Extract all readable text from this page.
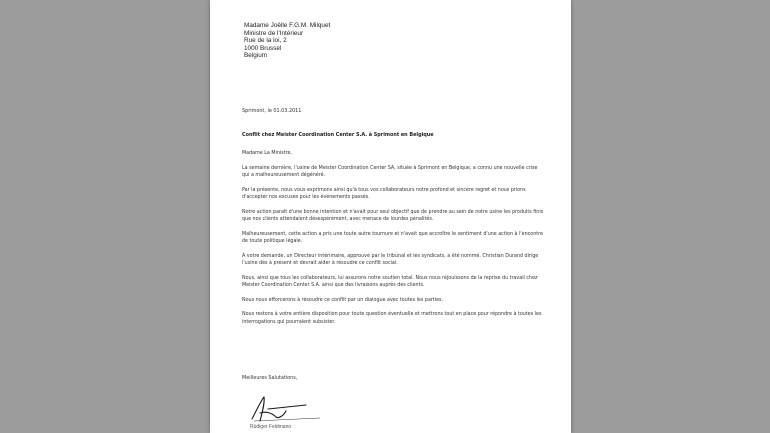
Madame Joëlle F.G.M. Milquet
Ministre de l'Intérieur
Rue de la loi, 2
1000 Brussel
Belgium
Sprimont, le 01.03.2011
Conflit chez Meister Coordination Center S.A. à Sprimont en Belgique

Madame La Ministre,

La semaine dernière, l'usine de Meister Coordination Center SA, située à Sprimont en Belgique, a connu une nouvelle crise qui a malheureusement dégénéré.

Par la présente, nous vous exprimons ainsi qu'à tous vos collaborateurs notre profond et sincère regret et nous prions d'accepter nos excuses pour les événements passés.

Notre action paraît d'une bonne intention et n'avait pour seul objectif que de prendre au sein de notre usine les produits finis que nos clients attendaient désespérément, avec menace de lourdes pénalités.

Malheureusement, cette action a pris une toute autre tournure et n'avait que accroître le sentiment d'une action à l'encontre de toute politique légale.

À votre demande, un Directeur intérimaire, approuvé par le tribunal et les syndicats, a été nommé. Christian Durand dirige l'usine dès à présent et devrait aider à résoudre ce conflit social.

Nous, ainsi que tous les collaborateurs, lui assurons notre soutien total. Nous nous réjouissons de la reprise du travail chez Meister Coordination Center S.A. ainsi que des livraisons auprès des clients.

Nous nous efforcerons à résoudre ce conflit par un dialogue avec toutes les parties.

Nous restons à votre entière disposition pour toute question éventuelle et mettrons tout en place pour répondre à toutes les interrogations qui pourraient subsister.

Meilleures Salutations,
Rüdiger Feldmann
